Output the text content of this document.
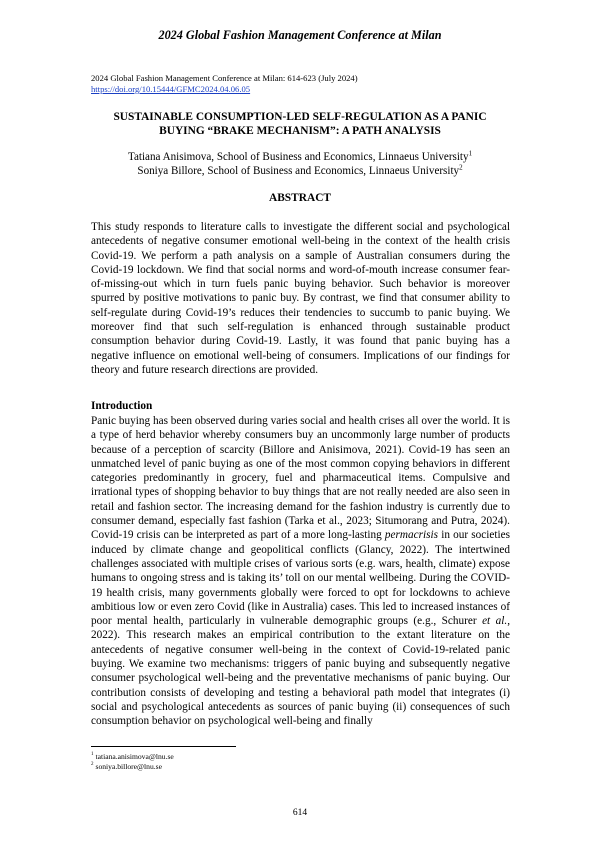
2024 Global Fashion Management Conference at Milan
2024 Global Fashion Management Conference at Milan: 614-623 (July 2024)
https://doi.org/10.15444/GFMC2024.04.06.05
SUSTAINABLE CONSUMPTION-LED SELF-REGULATION AS A PANIC
BUYING “BRAKE MECHANISM”: A PATH ANALYSIS
Tatiana Anisimova, School of Business and Economics, Linnaeus University$^1$
Soniya Billore, School of Business and Economics, Linnaeus University$^2$
ABSTRACT

This study responds to literature calls to investigate the different social and psychological antecedents of negative consumer emotional well-being in the context of the health crisis Covid-19. We perform a path analysis on a sample of Australian consumers during the Covid-19 lockdown. We find that social norms and word-of-mouth increase consumer fear-of-missing-out which in turn fuels panic buying behavior. Such behavior is moreover spurred by positive motivations to panic buy. By contrast, we find that consumer ability to self-regulate during Covid-19’s reduces their tendencies to succumb to panic buying. We moreover find that such self-regulation is enhanced through sustainable product consumption behavior during Covid-19. Lastly, it was found that panic buying has a negative influence on emotional well-being of consumers. Implications of our findings for theory and future research directions are provided.

Introduction

Panic buying has been observed during varies social and health crises all over the world. It is a type of herd behavior whereby consumers buy an uncommonly large number of products because of a perception of scarcity (Billore and Anisimova, 2021). Covid-19 has seen an unmatched level of panic buying as one of the most common copying behaviors in different categories predominantly in grocery, fuel and pharmaceutical items. Compulsive and irrational types of shopping behavior to buy things that are not really needed are also seen in retail and fashion sector. The increasing demand for the fashion industry is currently due to consumer demand, especially fast fashion (Tarka et al., 2023; Situmorang and Putra, 2024). Covid-19 crisis can be interpreted as part of a more long-lasting permacrisis in our societies induced by climate change and geopolitical conflicts (Glancy, 2022). The intertwined challenges associated with multiple crises of various sorts (e.g. wars, health, climate) expose humans to ongoing stress and is taking its’ toll on our mental wellbeing. During the COVID-19 health crisis, many governments globally were forced to opt for lockdowns to achieve ambitious low or even zero Covid (like in Australia) cases. This led to increased instances of poor mental health, particularly in vulnerable demographic groups (e.g., Schurer et al., 2022). This research makes an empirical contribution to the extant literature on the antecedents of negative consumer well-being in the context of Covid-19-related panic buying. We examine two mechanisms: triggers of panic buying and subsequently negative consumer psychological well-being and the preventative mechanisms of panic buying. Our contribution consists of developing and testing a behavioral path model that integrates (i) social and psychological antecedents as sources of panic buying (ii) consequences of such consumption behavior on psychological well-being and finally

$^1$ tatiana.anisimova@lnu.se
$^2$ soniya.billore@lnu.se
614
